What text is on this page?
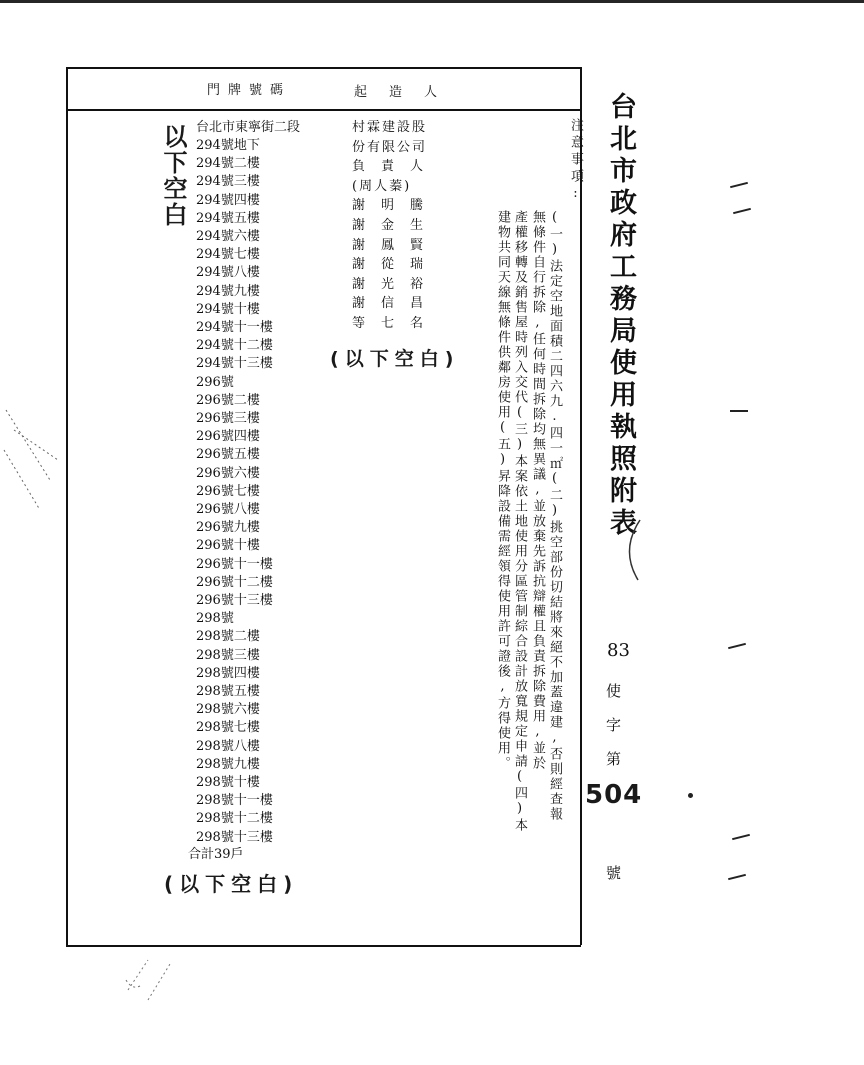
門牌號碼	起造人
台北市東寧街二段
294號地下
294號二樓
294號三樓
294號四樓
294號五樓
294號六樓
294號七樓
294號八樓
294號九樓
294號十樓
294號十一樓
294號十二樓
294號十三樓
296號
296號二樓
296號三樓
296號四樓
296號五樓
296號六樓
296號七樓
296號八樓
296號九樓
296號十樓
296號十一樓
296號十二樓
296號十三樓
298號
298號二樓
298號三樓
298號四樓
298號五樓
298號六樓
298號七樓
298號八樓
298號九樓
298號十樓
298號十一樓
298號十二樓
298號十三樓
合計39戶
村霖建設股
份有限公司
負責人
(周人蓁)
謝明騰
謝金生
謝鳳賢
謝從瑞
謝光裕
謝信昌
等七名
以下空白
(以下空白)
(以下空白)
注意事項:
(一)法定空地面積二四六九.四一㎡(二)挑空部份切結將來絕不加蓋違建,否則經查報
無條件自行拆除,任何時間拆除均無異議,並放棄先訴抗辯權且負責拆除費用,並於
產權移轉及銷售屋時列入交代(三)本案依土地使用分區管制綜合設計放寬規定申請(四)本
建物共同天線無條件供鄰房使用(五)昇降設備需經領得使用許可證後,方得使用。	台北市政府工務局使用執照附表
83
使
字
第
504
號
